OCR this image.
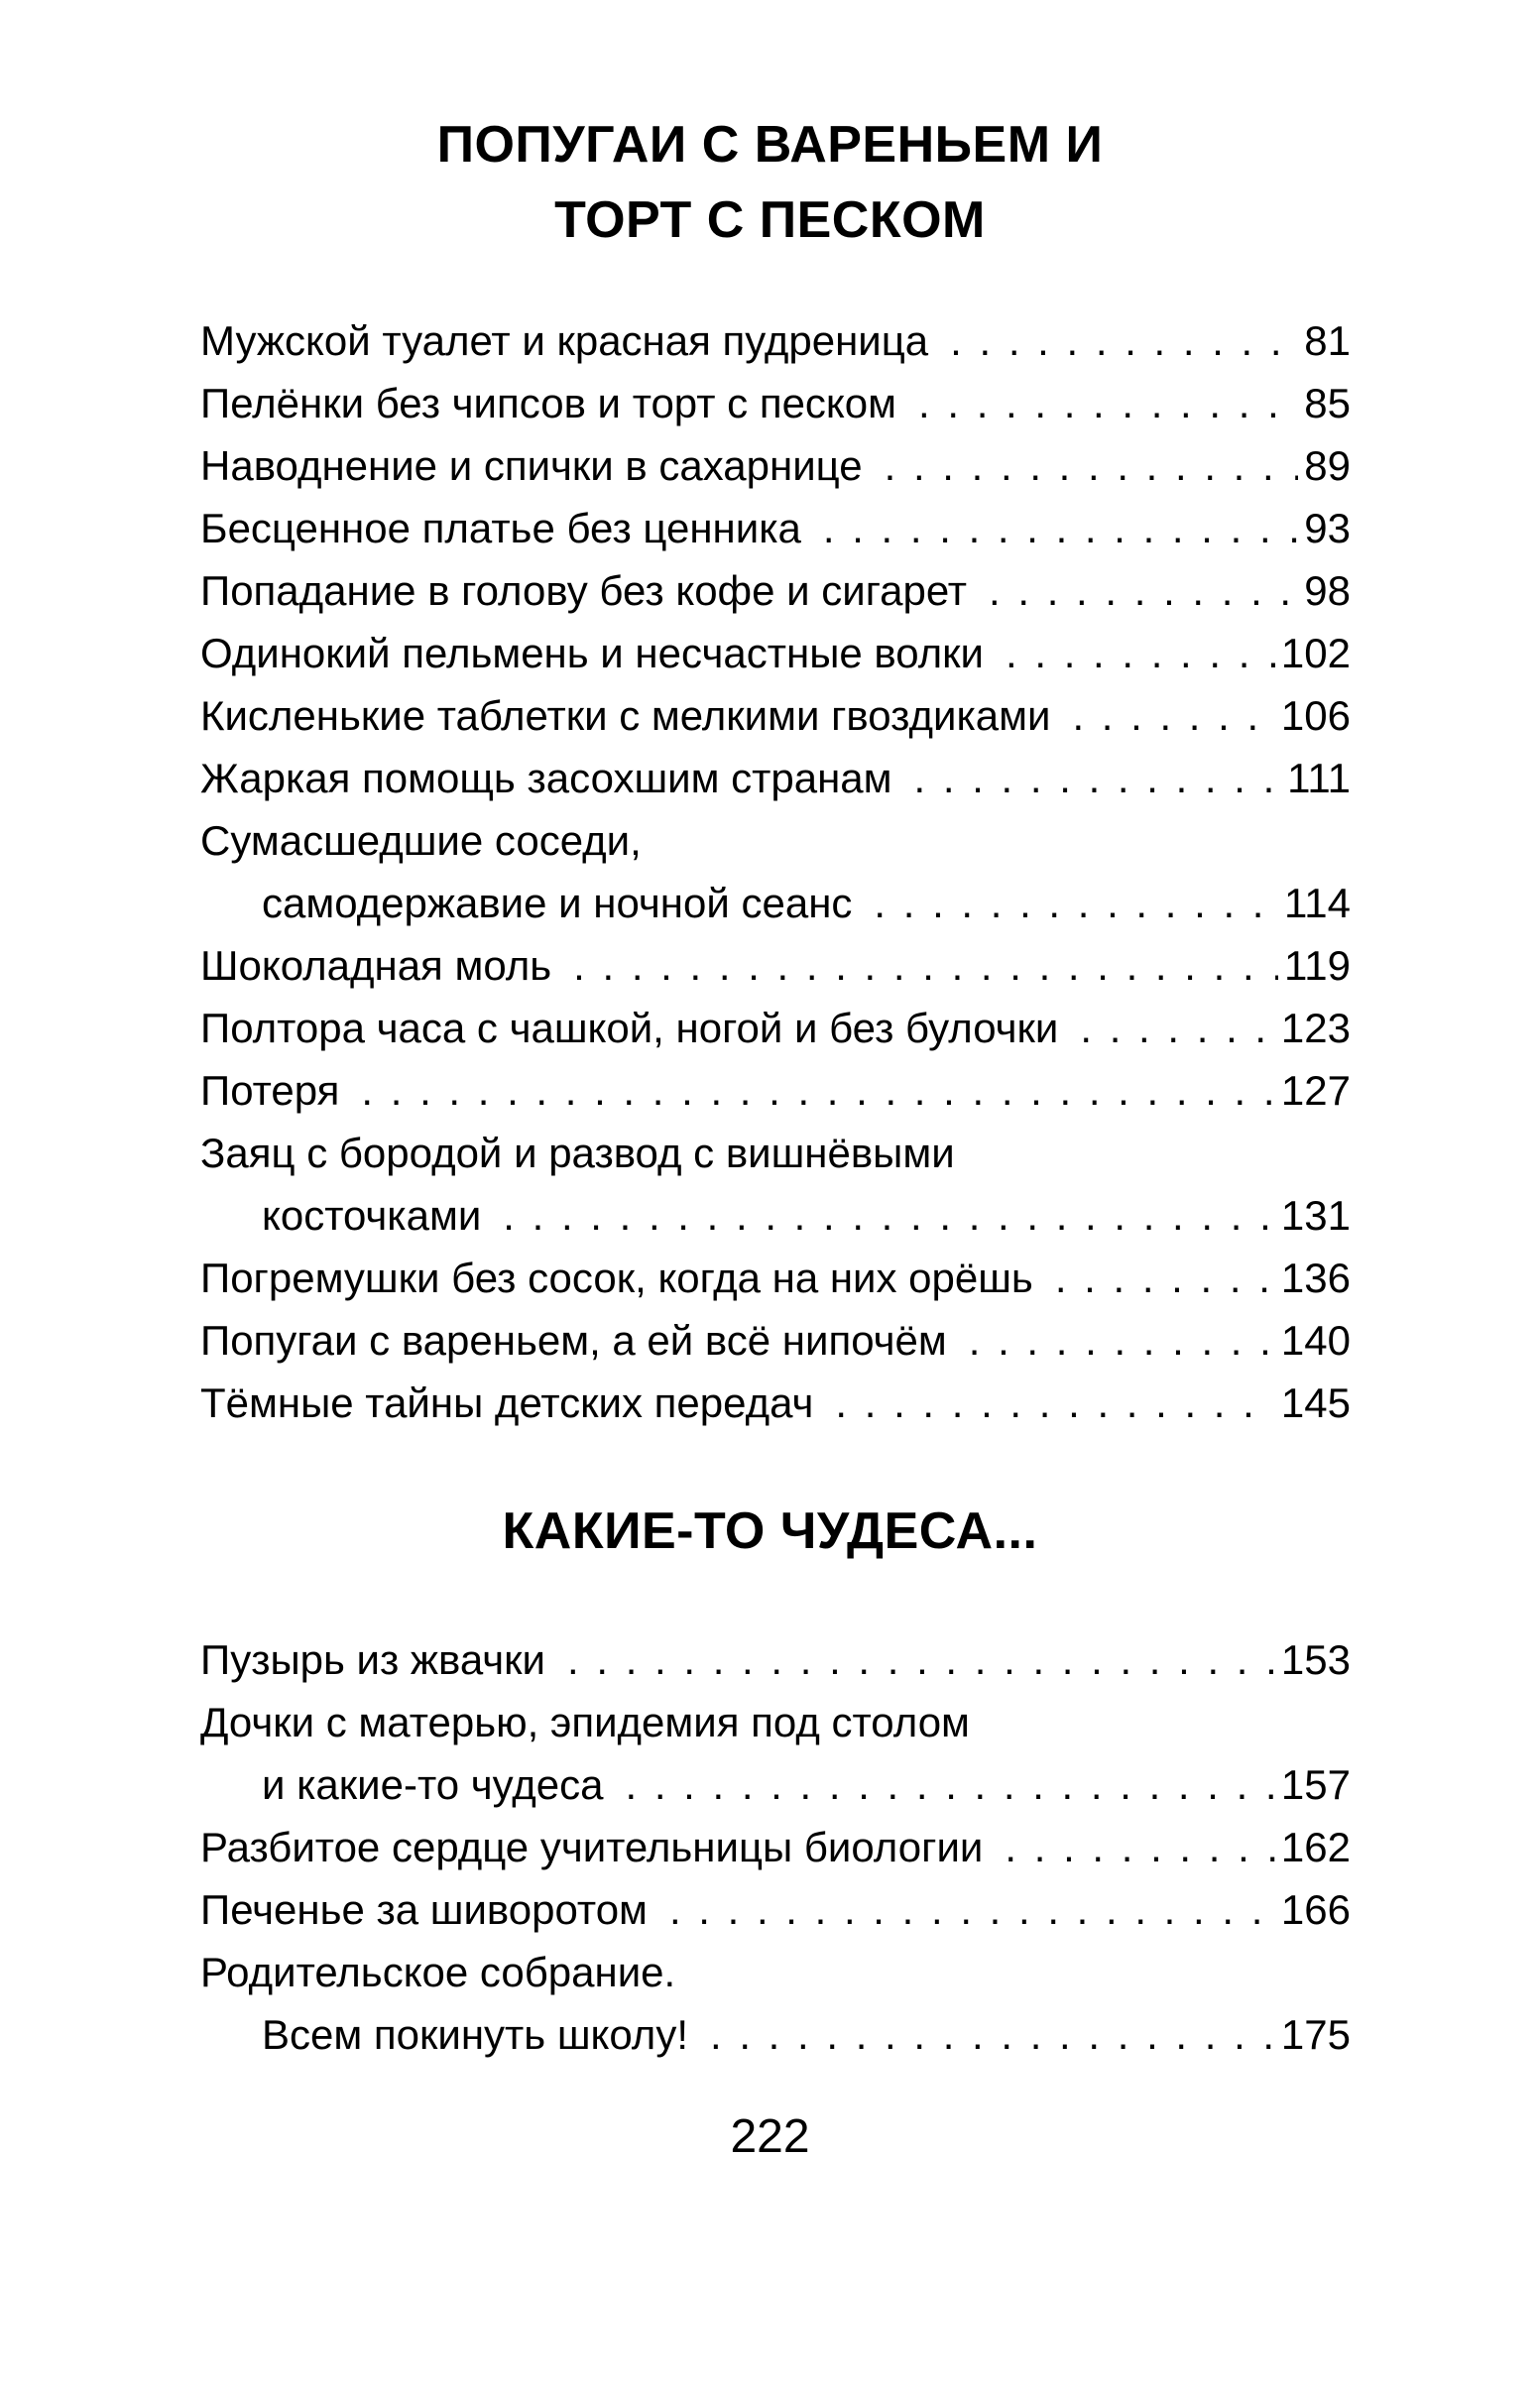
ПОПУГАИ С ВАРЕНЬЕМ И
ТОРТ С ПЕСКОМ
Мужской туалет и красная пудреница . . .	81
Пелёнки без чипсов и торт с песком . . .	85
Наводнение и спички в сахарнице . . .	89
Бесценное платье без ценника . . .	93
Попадание в голову без кофе и сигарет . . .	98
Одинокий пельмень и несчастные волки . . .	102
Кисленькие таблетки с мелкими гвоздиками . . .	106
Жаркая помощь засохшим странам . . .	111
Сумасшедшие соседи,
самодержавие и ночной сеанс . . .	114
Шоколадная моль . . .	119
Полтора часа с чашкой, ногой и без булочки . . .	123
Потеря . . .	127
Заяц с бородой и развод с вишнёвыми
косточками . . .	131
Погремушки без сосок, когда на них орёшь . . .	136
Попугаи с вареньем, а ей всё нипочём . . .	140
Тёмные тайны детских передач . . .	145
КАКИЕ-ТО ЧУДЕСА...
Пузырь из жвачки . . .	153
Дочки с матерью, эпидемия под столом
и какие-то чудеса . . .	157
Разбитое сердце учительницы биологии . . .	162
Печенье за шиворотом . . .	166
Родительское собрание.
Всем покинуть школу! . . .	175
222
